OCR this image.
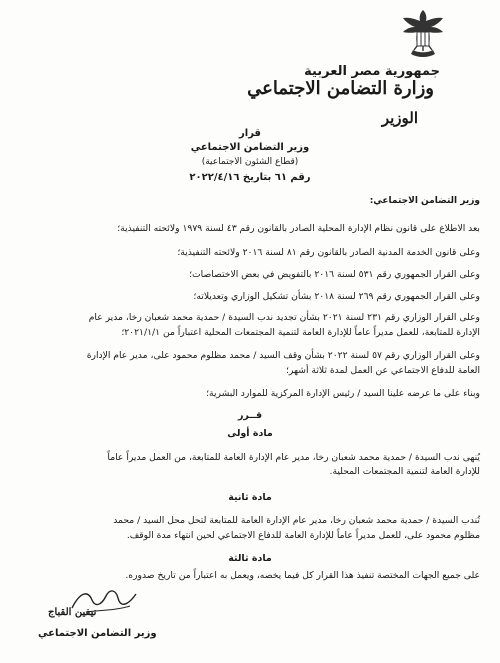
جمهورية مصر العربية
وزارة التضامن الاجتماعي
الوزير
قرار
وزير التضامن الاجتماعي
(قطاع الشئون الاجتماعية)
رقم ٦١ بتاريخ ٢٠٢٢/٤/١٦
وزير التضامن الاجتماعي:
بعد الاطلاع على قانون نظام الإدارة المحلية الصادر بالقانون رقم ٤٣ لسنة ١٩٧٩ ولائحته التنفيذية؛
وعلى قانون الخدمة المدنية الصادر بالقانون رقم ٨١ لسنة ٢٠١٦ ولائحته التنفيذية؛
وعلى القرار الجمهوري رقم ٥٣١ لسنة ٢٠١٦ بالتفويض في بعض الاختصاصات؛
وعلى القرار الجمهوري رقم ٢٦٩ لسنة ٢٠١٨ بشأن تشكيل الوزاري وتعديلاته؛
وعلى القرار الوزاري رقم ٢٣١ لسنة ٢٠٢١ بشأن تجديد ندب السيدة / حمدية محمد شعبان رخا، مدير عام
الإدارة للمتابعة، للعمل مديراً عاماً للإدارة العامة لتنمية المجتمعات المحلية اعتباراً من ٢٠٢١/١/١؛
وعلى القرار الوزاري رقم ٥٧ لسنة ٢٠٢٢ بشأن وقف السيد / محمد مظلوم محمود على، مدير عام الإدارة
العامة للدفاع الاجتماعي عن العمل لمدة ثلاثة أشهر؛
وبناء على ما عرضه علينا السيد / رئيس الإدارة المركزية للموارد البشرية؛
قــرر
مادة أولى
يُنهى ندب السيدة / حمدية محمد شعبان رخا، مدير عام الإدارة العامة للمتابعة، من العمل مديراً عاماً
للإدارة العامة لتنمية المجتمعات المحلية.
مادة ثانية
تُندب السيدة / حمدية محمد شعبان رخا، مدير عام الإدارة العامة للمتابعة لتحل محل السيد / محمد
مظلوم محمود على، للعمل مديراً عاماً للإدارة العامة للدفاع الاجتماعي لحين انتهاء مدة الوقف.
مادة ثالثة
على جميع الجهات المختصة تنفيذ هذا القرار كل فيما يخصه، ويعمل به اعتباراً من تاريخ صدوره.
نيفين القباج
وزير التضامن الاجتماعي
